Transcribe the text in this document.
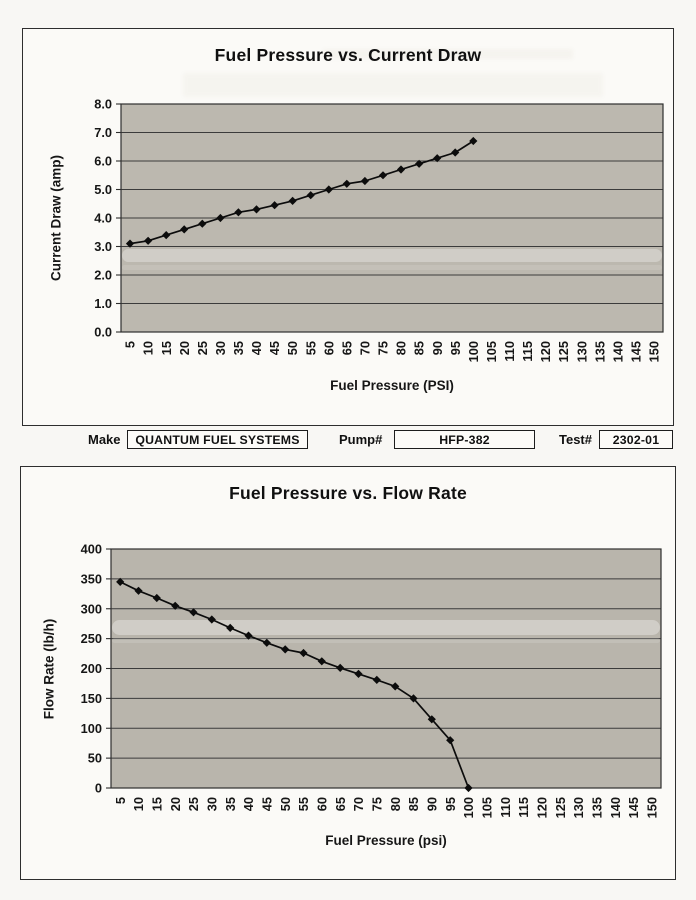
Fuel Pressure vs. Current Draw
Current Draw (amp)
0.0
1.0
2.0
3.0
4.0
5.0
6.0
7.0
8.0
5 10 15 20 25 30 35 40 45 50 55 60 65 70 75 80 85 90 95 100 105 110 115 120 125 130 135 140 145 150
Fuel Pressure (PSI)
Make QUANTUM FUEL SYSTEMS	Pump#	HFP-382	Test# 2302-01
Fuel Pressure vs. Flow Rate
Flow Rate (lb/h)
0
50
100
150
200
250
300
350
400
5 10 15 20 25 30 35 40 45 50 55 60 65 70 75 80 85 90 95 100 105 110 115 120 125 130 135 140 145 150
Fuel Pressure (psi)
